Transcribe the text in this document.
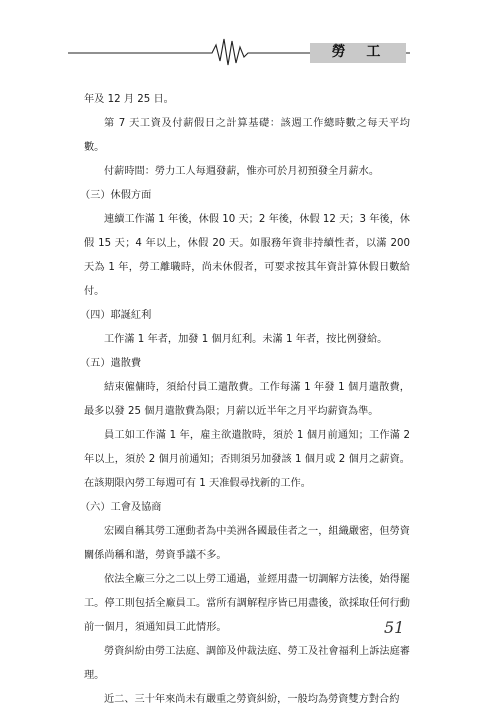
勞 工

年及 12 月 25 日。

第 7 天工資及付薪假日之計算基礎：該週工作總時數之每天平均數。

付薪時間：勞力工人每週發薪，惟亦可於月初預發全月薪水。

（三）休假方面

連續工作滿 1 年後，休假 10 天；2 年後，休假 12 天；3 年後，休假 15 天；4 年以上，休假 20 天。如服務年資非持續性者，以滿 200 天為 1 年，勞工離職時，尚未休假者，可要求按其年資計算休假日數給付。

（四）耶誕紅利

工作滿 1 年者，加發 1 個月紅利。未滿 1 年者，按比例發給。

（五）遣散費

結束僱傭時，須給付員工遣散費。工作每滿 1 年發 1 個月遣散費，最多以發 25 個月遣散費為限；月薪以近半年之月平均薪資為準。

員工如工作滿 1 年，雇主欲遣散時，須於 1 個月前通知；工作滿 2 年以上，須於 2 個月前通知；否則須另加發該 1 個月或 2 個月之薪資。在該期限內勞工每週可有 1 天准假尋找新的工作。

（六）工會及協商

宏國自稱其勞工運動者為中美洲各國最佳者之一，組織嚴密，但勞資關係尚稱和諧，勞資爭議不多。

依法全廠三分之二以上勞工通過，並經用盡一切調解方法後，始得罷工。停工則包括全廠員工。當所有調解程序皆已用盡後，欲採取任何行動前一個月，須通知員工此情形。

勞資糾紛由勞工法庭、調節及仲裁法庭、勞工及社會福利上訴法庭審理。

近二、三十年來尚未有嚴重之勞資糾紛，一般均為勞資雙方對合約

51
